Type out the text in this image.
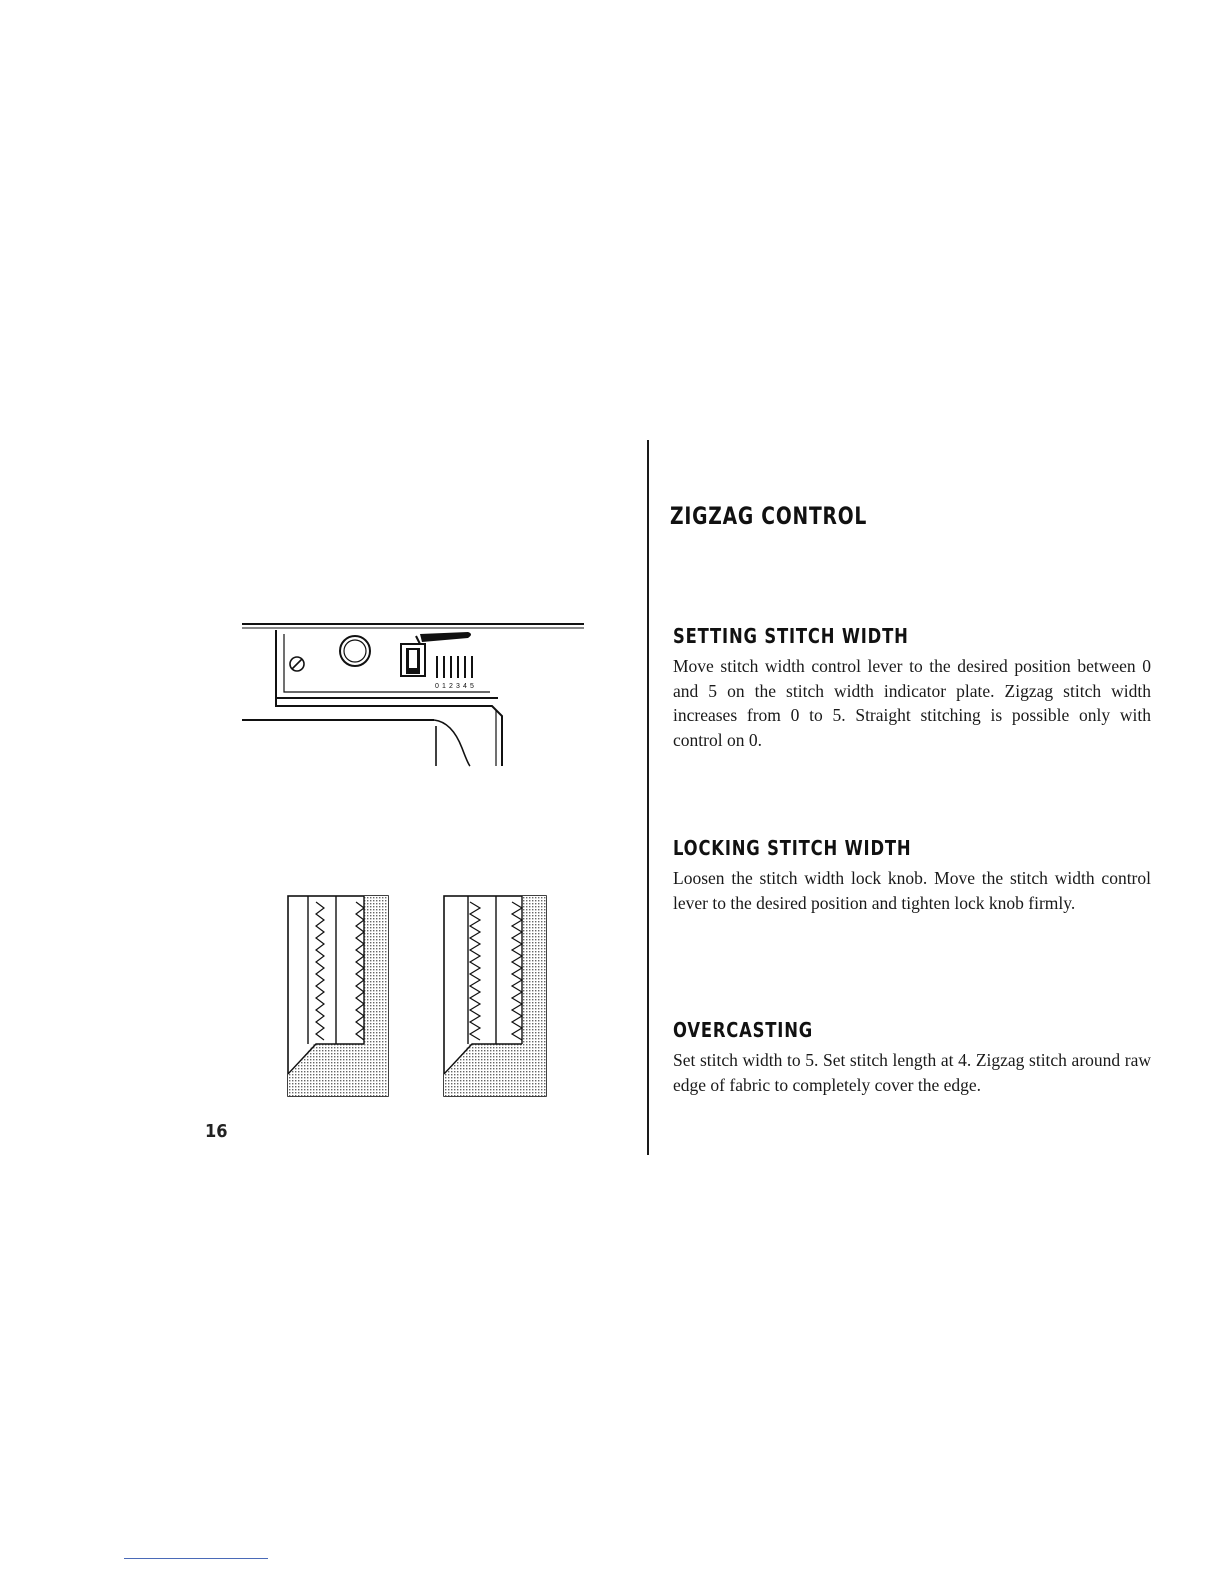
0 1 2 3 4 5
16
ZIGZAG CONTROL
SETTING STITCH WIDTH

Move stitch width control lever to the desired position between 0 and 5 on the stitch width indicator plate. Zigzag stitch width increases from 0 to 5. Straight stitching is possible only with control on 0.

LOCKING STITCH WIDTH

Loosen the stitch width lock knob. Move the stitch width control lever to the desired position and tighten lock knob firmly.

OVERCASTING

Set stitch width to 5. Set stitch length at 4. Zigzag stitch around raw edge of fabric to completely cover the edge.
